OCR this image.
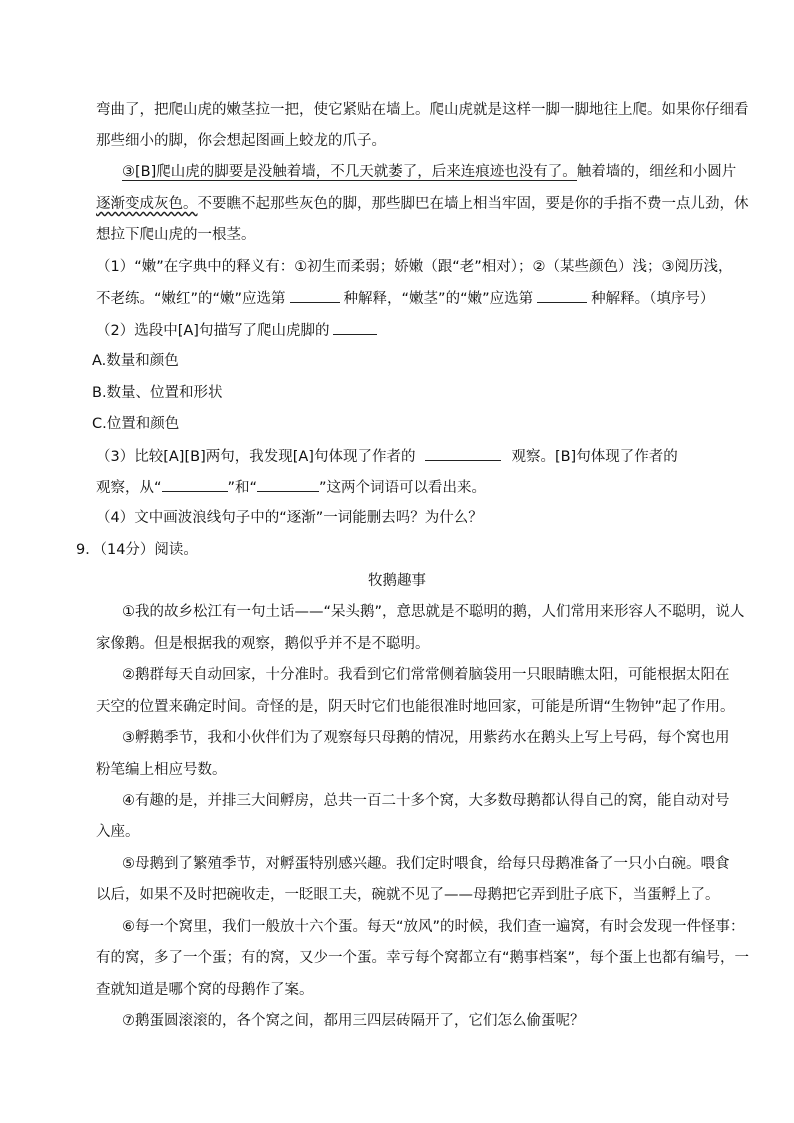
弯曲了，把爬山虎的嫩茎拉一把，使它紧贴在墙上。爬山虎就是这样一脚一脚地往上爬。如果你仔细看
那些细小的脚，你会想起图画上蛟龙的爪子。
③[B]爬山虎的脚要是没触着墙，不几天就萎了，后来连痕迹也没有了。触着墙的，细丝和小圆片
逐渐变成灰色。不要瞧不起那些灰色的脚，那些脚巴在墙上相当牢固，要是你的手指不费一点儿劲，休
想拉下爬山虎的一根茎。
（1）“嫩”在字典中的释义有：①初生而柔弱；娇嫩（跟“老”相对）；②（某些颜色）浅；③阅历浅，
不老练。“嫩红”的“嫩”应选第	种解释，“嫩茎”的“嫩”应选第	种解释。（填序号）
（2）选段中[A]句描写了爬山虎脚的
A.数量和颜色
B.数量、位置和形状
C.位置和颜色
（3）比较[A][B]两句，我发现[A]句体现了作者的	观察。[B]句体现了作者的
观察，从“	”和“	”这两个词语可以看出来。
（4）文中画波浪线句子中的“逐渐”一词能删去吗？为什么？
9．（14分）阅读。
牧鹅趣事
①我的故乡松江有一句土话——“呆头鹅”，意思就是不聪明的鹅，人们常用来形容人不聪明，说人
家像鹅。但是根据我的观察，鹅似乎并不是不聪明。
②鹅群每天自动回家，十分准时。我看到它们常常侧着脑袋用一只眼睛瞧太阳，可能根据太阳在
天空的位置来确定时间。奇怪的是，阴天时它们也能很准时地回家，可能是所谓“生物钟”起了作用。
③孵鹅季节，我和小伙伴们为了观察每只母鹅的情况，用紫药水在鹅头上写上号码，每个窝也用
粉笔编上相应号数。
④有趣的是，并排三大间孵房，总共一百二十多个窝，大多数母鹅都认得自己的窝，能自动对号
入座。
⑤母鹅到了繁殖季节，对孵蛋特别感兴趣。我们定时喂食，给每只母鹅准备了一只小白碗。喂食
以后，如果不及时把碗收走，一眨眼工夫，碗就不见了——母鹅把它弄到肚子底下，当蛋孵上了。
⑥每一个窝里，我们一般放十六个蛋。每天“放风”的时候，我们查一遍窝，有时会发现一件怪事：
有的窝，多了一个蛋；有的窝，又少一个蛋。幸亏每个窝都立有“鹅事档案”，每个蛋上也都有编号，一
查就知道是哪个窝的母鹅作了案。
⑦鹅蛋圆滚滚的，各个窝之间，都用三四层砖隔开了，它们怎么偷蛋呢？
